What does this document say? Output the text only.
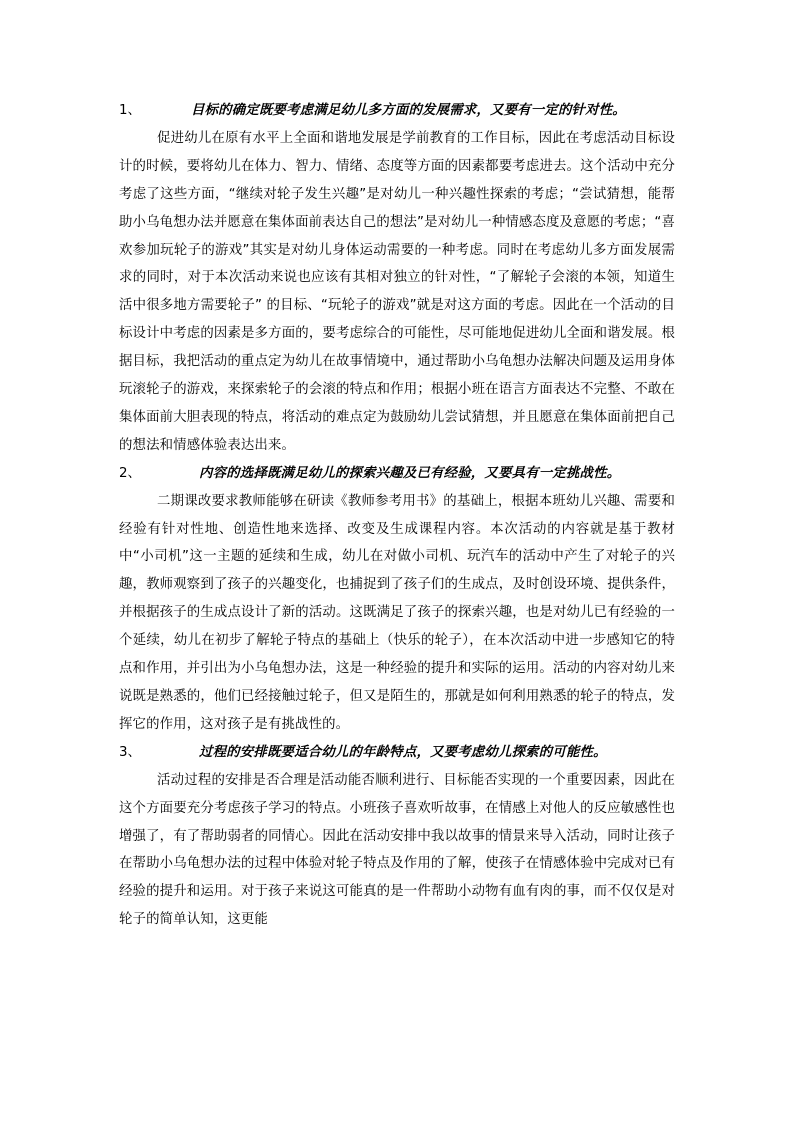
1、	目标的确定既要考虑满足幼儿多方面的发展需求，又要有一定的针对性。

促进幼儿在原有水平上全面和谐地发展是学前教育的工作目标，因此在考虑活动目标设计的时候，要将幼儿在体力、智力、情绪、态度等方面的因素都要考虑进去。这个活动中充分考虑了这些方面，“继续对轮子发生兴趣”是对幼儿一种兴趣性探索的考虑；“尝试猜想，能帮助小乌龟想办法并愿意在集体面前表达自己的想法”是对幼儿一种情感态度及意愿的考虑；“喜欢参加玩轮子的游戏”其实是对幼儿身体运动需要的一种考虑。同时在考虑幼儿多方面发展需求的同时，对于本次活动来说也应该有其相对独立的针对性，“了解轮子会滚的本领，知道生活中很多地方需要轮子” 的目标、“玩轮子的游戏”就是对这方面的考虑。因此在一个活动的目标设计中考虑的因素是多方面的，要考虑综合的可能性，尽可能地促进幼儿全面和谐发展。根据目标，我把活动的重点定为幼儿在故事情境中，通过帮助小乌龟想办法解决问题及运用身体玩滚轮子的游戏，来探索轮子的会滚的特点和作用；根据小班在语言方面表达不完整、不敢在集体面前大胆表现的特点，将活动的难点定为鼓励幼儿尝试猜想，并且愿意在集体面前把自己的想法和情感体验表达出来。

2、	内容的选择既满足幼儿的探索兴趣及已有经验，又要具有一定挑战性。

二期课改要求教师能够在研读《教师参考用书》的基础上，根据本班幼儿兴趣、需要和经验有针对性地、创造性地来选择、改变及生成课程内容。本次活动的内容就是基于教材中“小司机”这一主题的延续和生成，幼儿在对做小司机、玩汽车的活动中产生了对轮子的兴趣，教师观察到了孩子的兴趣变化，也捕捉到了孩子们的生成点，及时创设环境、提供条件，并根据孩子的生成点设计了新的活动。这既满足了孩子的探索兴趣，也是对幼儿已有经验的一个延续，幼儿在初步了解轮子特点的基础上（快乐的轮子），在本次活动中进一步感知它的特点和作用，并引出为小乌龟想办法，这是一种经验的提升和实际的运用。活动的内容对幼儿来说既是熟悉的，他们已经接触过轮子，但又是陌生的，那就是如何利用熟悉的轮子的特点，发挥它的作用，这对孩子是有挑战性的。

3、	过程的安排既要适合幼儿的年龄特点，又要考虑幼儿探索的可能性。

活动过程的安排是否合理是活动能否顺利进行、目标能否实现的一个重要因素，因此在这个方面要充分考虑孩子学习的特点。小班孩子喜欢听故事，在情感上对他人的反应敏感性也增强了，有了帮助弱者的同情心。因此在活动安排中我以故事的情景来导入活动，同时让孩子在帮助小乌龟想办法的过程中体验对轮子特点及作用的了解，使孩子在情感体验中完成对已有经验的提升和运用。对于孩子来说这可能真的是一件帮助小动物有血有肉的事，而不仅仅是对轮子的简单认知，这更能
